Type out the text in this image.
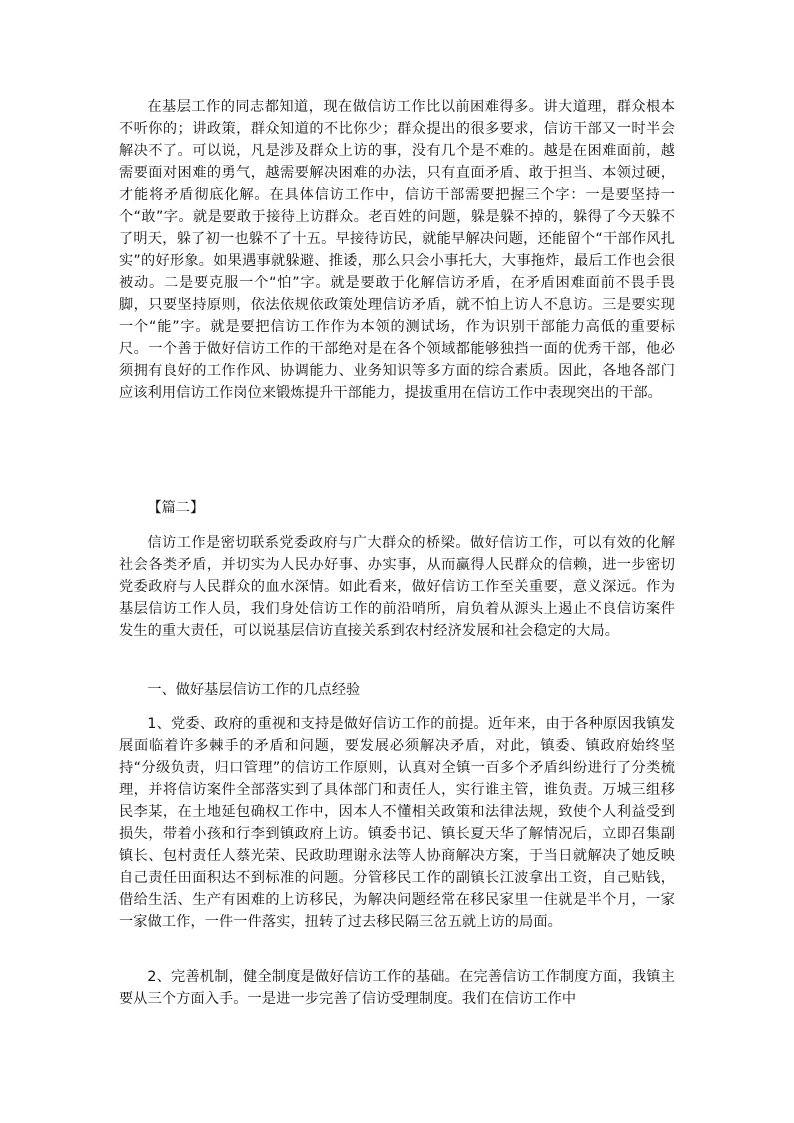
在基层工作的同志都知道，现在做信访工作比以前困难得多。讲大道理，群众根本不听你的；讲政策，群众知道的不比你少；群众提出的很多要求，信访干部又一时半会解决不了。可以说，凡是涉及群众上访的事，没有几个是不难的。越是在困难面前，越需要面对困难的勇气，越需要解决困难的办法，只有直面矛盾、敢于担当、本领过硬，才能将矛盾彻底化解。在具体信访工作中，信访干部需要把握三个字：一是要坚持一个“敢”字。就是要敢于接待上访群众。老百姓的问题，躲是躲不掉的，躲得了今天躲不了明天，躲了初一也躲不了十五。早接待访民，就能早解决问题，还能留个“干部作风扎实”的好形象。如果遇事就躲避、推诿，那么只会小事托大，大事拖炸，最后工作也会很被动。二是要克服一个“怕”字。就是要敢于化解信访矛盾，在矛盾困难面前不畏手畏脚，只要坚持原则，依法依规依政策处理信访矛盾，就不怕上访人不息访。三是要实现一个“能”字。就是要把信访工作作为本领的测试场，作为识别干部能力高低的重要标尺。一个善于做好信访工作的干部绝对是在各个领域都能够独挡一面的优秀干部，他必须拥有良好的工作作风、协调能力、业务知识等多方面的综合素质。因此，各地各部门应该利用信访工作岗位来锻炼提升干部能力，提拔重用在信访工作中表现突出的干部。

【篇二】

信访工作是密切联系党委政府与广大群众的桥梁。做好信访工作，可以有效的化解社会各类矛盾，并切实为人民办好事、办实事，从而赢得人民群众的信赖，进一步密切党委政府与人民群众的血水深情。如此看来，做好信访工作至关重要，意义深远。作为基层信访工作人员，我们身处信访工作的前沿哨所，肩负着从源头上遏止不良信访案件发生的重大责任，可以说基层信访直接关系到农村经济发展和社会稳定的大局。

一、做好基层信访工作的几点经验

1、党委、政府的重视和支持是做好信访工作的前提。近年来，由于各种原因我镇发展面临着许多棘手的矛盾和问题，要发展必须解决矛盾，对此，镇委、镇政府始终坚持“分级负责，归口管理”的信访工作原则，认真对全镇一百多个矛盾纠纷进行了分类梳理，并将信访案件全部落实到了具体部门和责任人，实行谁主管，谁负责。万城三组移民李某，在土地延包确权工作中，因本人不懂相关政策和法律法规，致使个人利益受到损失，带着小孩和行李到镇政府上访。镇委书记、镇长夏天华了解情况后，立即召集副镇长、包村责任人蔡光荣、民政助理谢永法等人协商解决方案，于当日就解决了她反映自己责任田面积达不到标准的问题。分管移民工作的副镇长江波拿出工资，自己贴钱，借给生活、生产有困难的上访移民，为解决问题经常在移民家里一住就是半个月，一家一家做工作，一件一件落实，扭转了过去移民隔三岔五就上访的局面。

2、完善机制，健全制度是做好信访工作的基础。在完善信访工作制度方面，我镇主要从三个方面入手。一是进一步完善了信访受理制度。我们在信访工作中
